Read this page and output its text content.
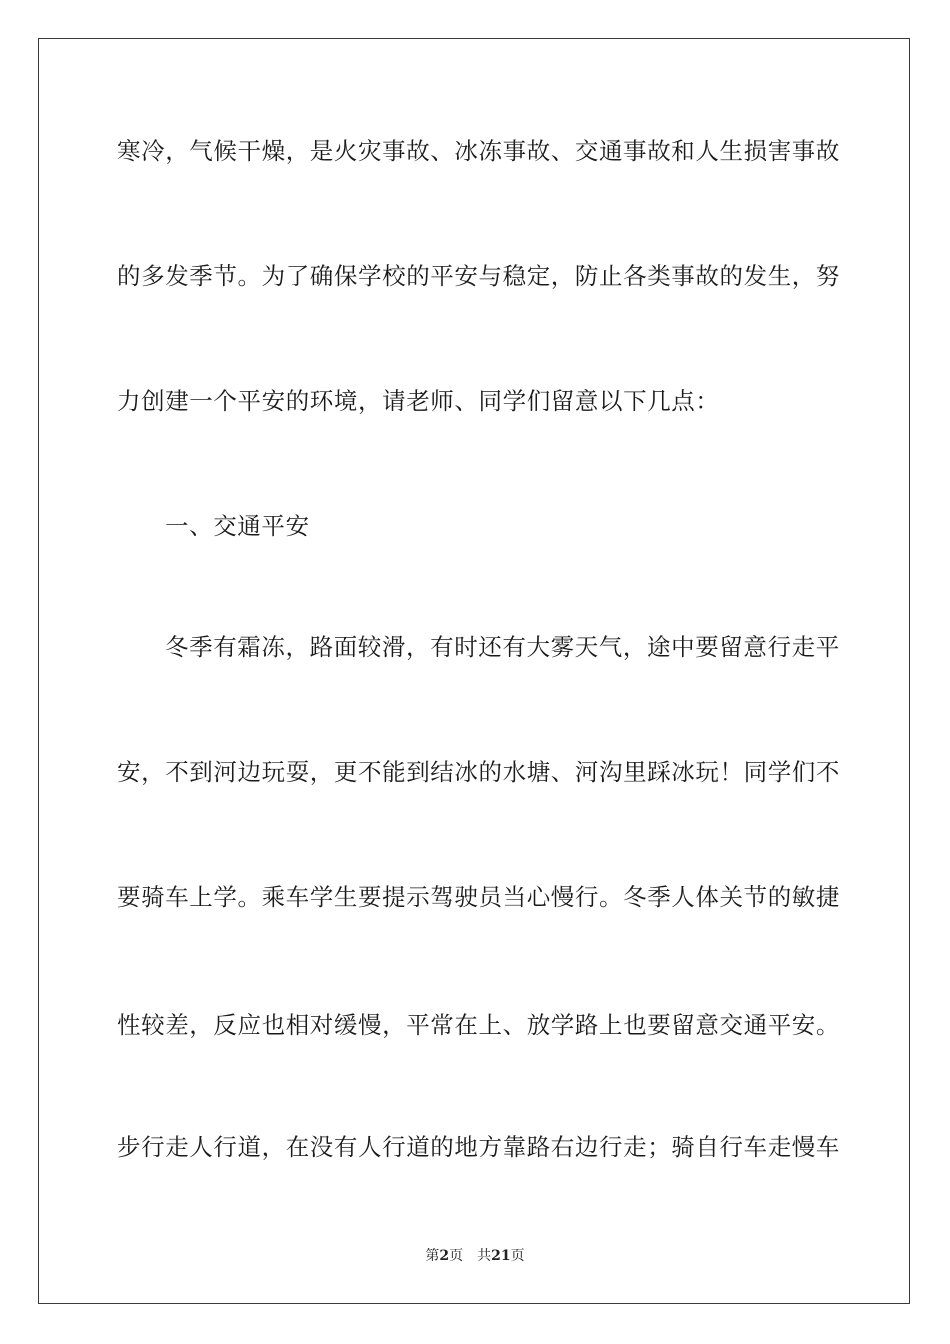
寒冷，气候干燥，是火灾事故、冰冻事故、交通事故和人生损害事故
的多发季节。为了确保学校的平安与稳定，防止各类事故的发生，努
力创建一个平安的环境，请老师、同学们留意以下几点：
一、交通平安
冬季有霜冻，路面较滑，有时还有大雾天气，途中要留意行走平
安，不到河边玩耍，更不能到结冰的水塘、河沟里踩冰玩！同学们不
要骑车上学。乘车学生要提示驾驶员当心慢行。冬季人体关节的敏捷
性较差，反应也相对缓慢，平常在上、放学路上也要留意交通平安。
步行走人行道，在没有人行道的地方靠路右边行走；骑自行车走慢车
第2页 共21页
